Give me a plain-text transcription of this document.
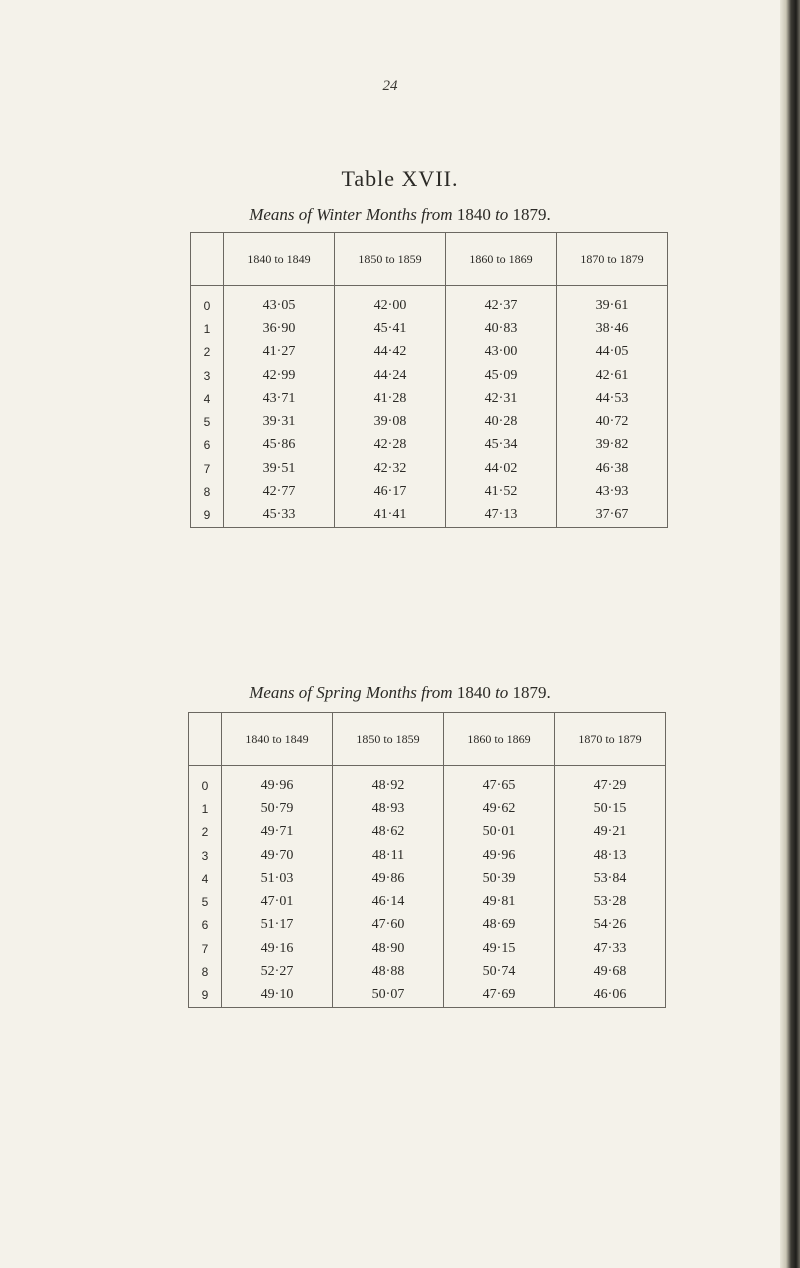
24
Table XVII.
Means of Winter Months from 1840 to 1879.
	1840 to 1849	1850 to 1859	1860 to 1869	1870 to 1879
0	43·05	42·00	42·37	39·61
1	36·90	45·41	40·83	38·46
2	41·27	44·42	43·00	44·05
3	42·99	44·24	45·09	42·61
4	43·71	41·28	42·31	44·53
5	39·31	39·08	40·28	40·72
6	45·86	42·28	45·34	39·82
7	39·51	42·32	44·02	46·38
8	42·77	46·17	41·52	43·93
9	45·33	41·41	47·13	37·67
Means of Spring Months from 1840 to 1879.
	1840 to 1849	1850 to 1859	1860 to 1869	1870 to 1879
0	49·96	48·92	47·65	47·29
1	50·79	48·93	49·62	50·15
2	49·71	48·62	50·01	49·21
3	49·70	48·11	49·96	48·13
4	51·03	49·86	50·39	53·84
5	47·01	46·14	49·81	53·28
6	51·17	47·60	48·69	54·26
7	49·16	48·90	49·15	47·33
8	52·27	48·88	50·74	49·68
9	49·10	50·07	47·69	46·06
